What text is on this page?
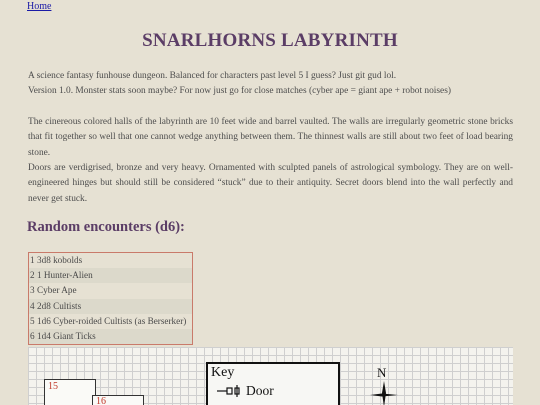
Home
SNARLHORNS LABYRINTH

A science fantasy funhouse dungeon. Balanced for characters past level 5 I guess? Just git gud lol.
Version 1.0. Monster stats soon maybe? For now just go for close matches (cyber ape = giant ape + robot noises)

The cinereous colored halls of the labyrinth are 10 feet wide and barrel vaulted. The walls are irregularly geometric stone bricks that fit together so well that one cannot wedge anything between them. The thinnest walls are still about two feet of load bearing stone.

Doors are verdigrised, bronze and very heavy. Ornamented with sculpted panels of astrological symbology. They are on well-engineered hinges but should still be considered “stuck” due to their antiquity. Secret doors blend into the wall perfectly and never get stuck.

Random encounters (d6):
1	3d8 kobolds
2	1 Hunter-Alien
3	Cyber Ape
4	2d8 Cultists
5	1d6 Cyber-roided Cultists (as Berserker)
6	1d4 Giant Ticks
15
16
Key
Door
N
